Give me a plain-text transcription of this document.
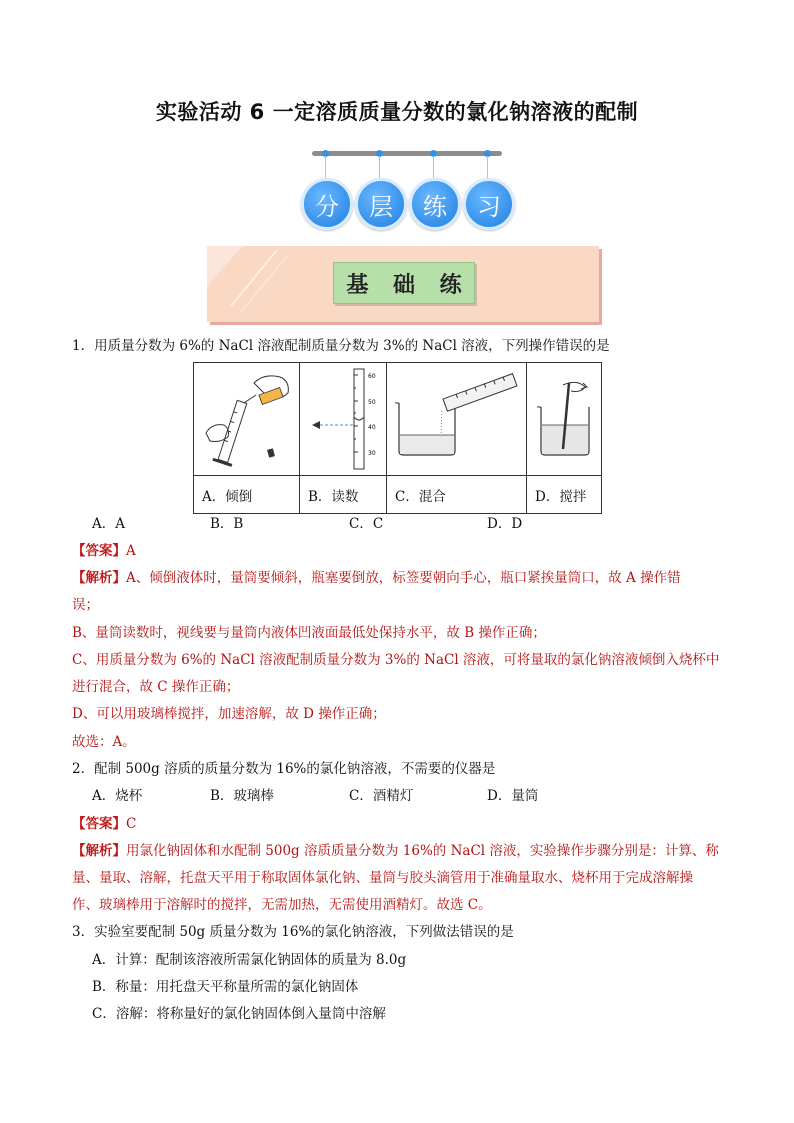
实验活动 6 一定溶质质量分数的氯化钠溶液的配制
分	层	练	习
基 础 练
1．用质量分数为 6%的 NaCl 溶液配制质量分数为 3%的 NaCl 溶液，下列操作错误的是

60
50
40
30

A．倾倒	B．读数	C．混合	D．搅拌
A．A	B．B	C．C	D．D
【答案】A
【解析】A、倾倒液体时，量筒要倾斜，瓶塞要倒放，标签要朝向手心，瓶口紧挨量筒口，故 A 操作错
误；
B、量筒读数时，视线要与量筒内液体凹液面最低处保持水平，故 B 操作正确；
C、用质量分数为 6%的 NaCl 溶液配制质量分数为 3%的 NaCl 溶液，可将量取的氯化钠溶液倾倒入烧杯中
进行混合，故 C 操作正确；
D、可以用玻璃棒搅拌，加速溶解，故 D 操作正确；
故选：A。
2．配制 500g 溶质的质量分数为 16%的氯化钠溶液，不需要的仪器是
A．烧杯	B．玻璃棒	C．酒精灯	D．量筒
【答案】C
【解析】用氯化钠固体和水配制 500g 溶质质量分数为 16%的 NaCl 溶液，实验操作步骤分别是：计算、称
量、量取、溶解，托盘天平用于称取固体氯化钠、量筒与胶头滴管用于准确量取水、烧杯用于完成溶解操
作、玻璃棒用于溶解时的搅拌，无需加热，无需使用酒精灯。故选 C。
3．实验室要配制 50g 质量分数为 16%的氯化钠溶液，下列做法错误的是
A．计算：配制该溶液所需氯化钠固体的质量为 8.0g
B．称量：用托盘天平称量所需的氯化钠固体
C．溶解：将称量好的氯化钠固体倒入量筒中溶解
